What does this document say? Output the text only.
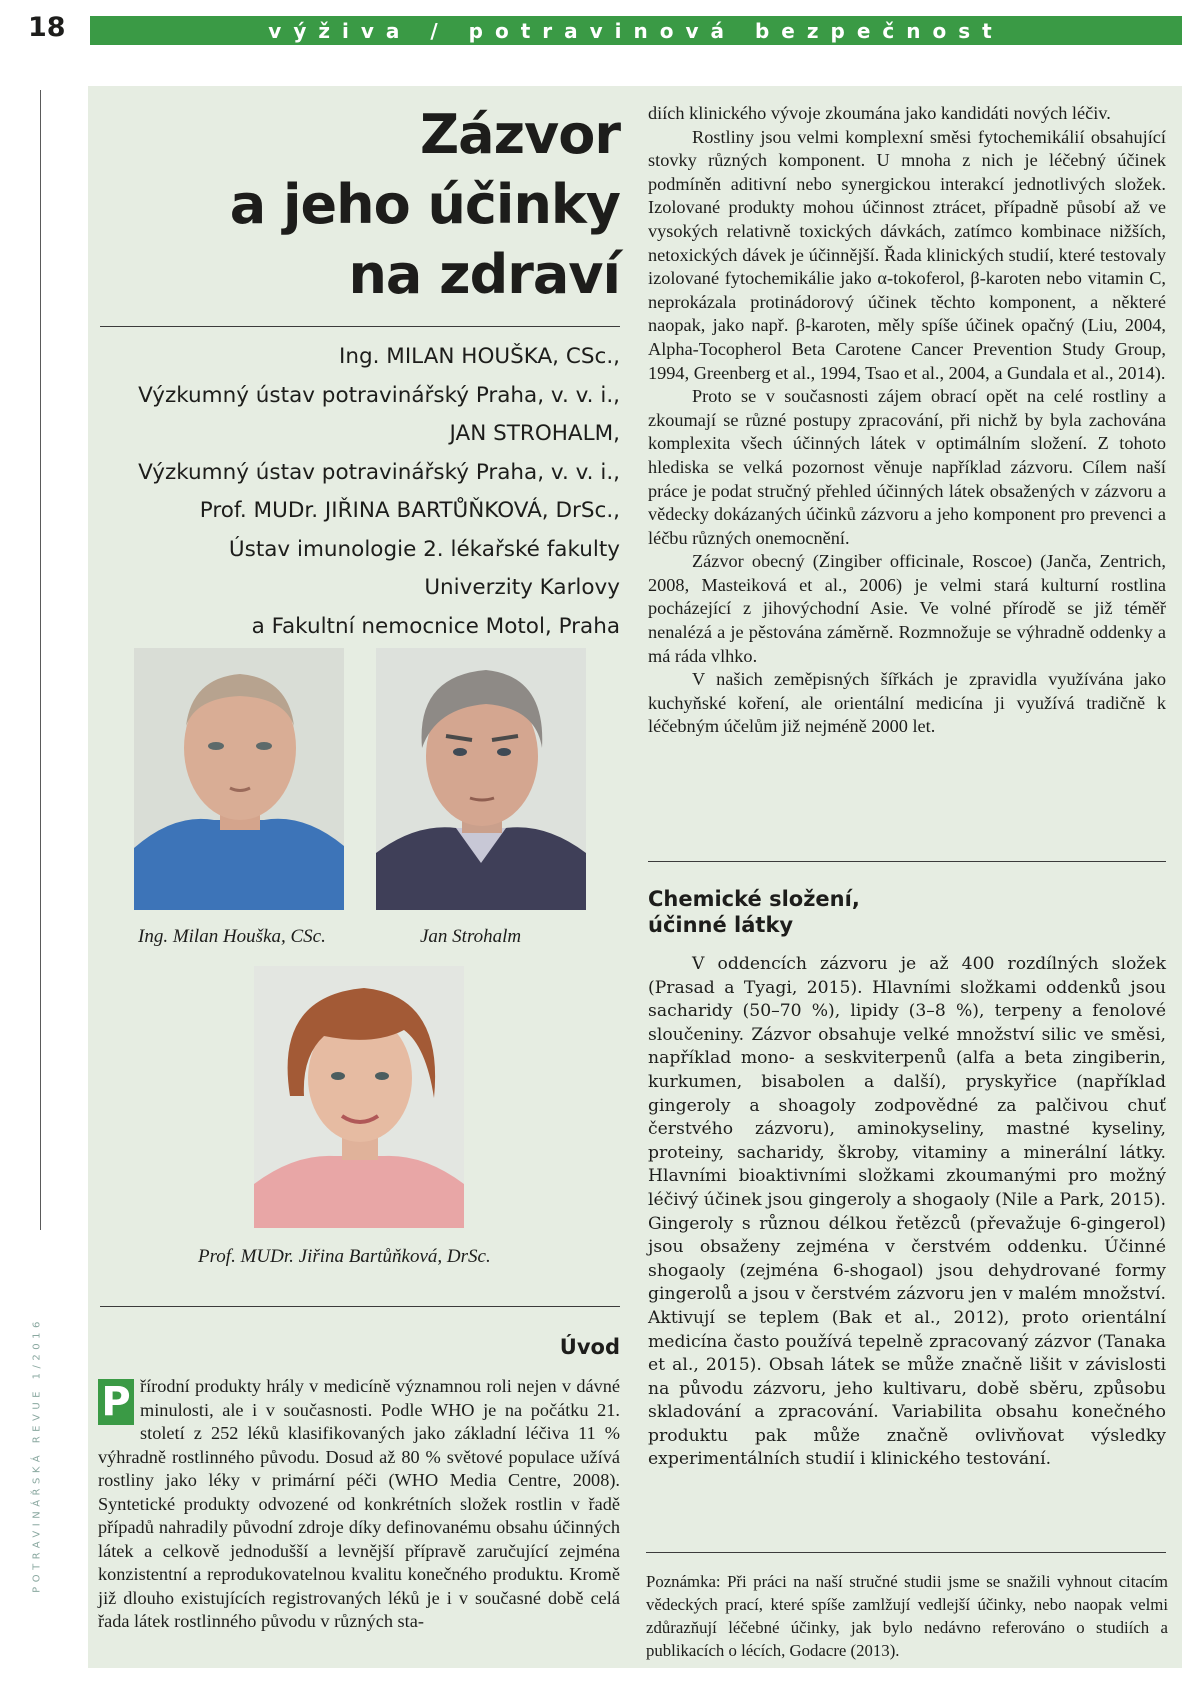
18	výživa / potravinová bezpečnost
POTRAVINÁŘSKÁ REVUE 1/2016
Zázvor
a jeho účinky
na zdraví
Ing. MILAN HOUŠKA, CSc.,
Výzkumný ústav potravinářský Praha, v. v. i.,
JAN STROHALM,
Výzkumný ústav potravinářský Praha, v. v. i.,
Prof. MUDr. JIŘINA BARTŮŇKOVÁ, DrSc.,
Ústav imunologie 2. lékařské fakulty
Univerzity Karlovy
a Fakultní nemocnice Motol, Praha
Ing. Milan Houška, CSc.	Jan Strohalm
Prof. MUDr. Jiřina Bartůňková, DrSc.
Úvod
P řírodní produkty hrály v medicíně významnou roli nejen v dávné minulosti, ale i v současnosti. Podle WHO je na počátku 21. století z 252 léků klasifikovaných jako základní léčiva 11 % výhradně rostlinného původu. Dosud až 80 % světové populace užívá rostliny jako léky v primární péči (WHO Media Centre, 2008). Syntetické produkty odvozené od konkrétních složek rostlin v řadě případů nahradily původní zdroje díky definovanému obsahu účinných látek a celkově jednodušší a levnější přípravě zaručující zejména konzistentní a reprodukovatelnou kvalitu konečného produktu. Kromě již dlouho existujících registrovaných léků je i v současné době celá řada látek rostlinného původu v různých sta-

diích klinického vývoje zkoumána jako kandidáti nových léčiv.

Rostliny jsou velmi komplexní směsi fytochemikálií obsahující stovky různých komponent. U mnoha z nich je léčebný účinek podmíněn aditivní nebo synergickou interakcí jednotlivých složek. Izolované produkty mohou účinnost ztrácet, případně působí až ve vysokých relativně toxických dávkách, zatímco kombinace nižších, netoxických dávek je účinnější. Řada klinických studií, které testovaly izolované fytochemikálie jako α-tokoferol, β-karoten nebo vitamin C, neprokázala protinádorový účinek těchto komponent, a některé naopak, jako např. β-karoten, měly spíše účinek opačný (Liu, 2004, Alpha-Tocopherol Beta Carotene Cancer Prevention Study Group, 1994, Greenberg et al., 1994, Tsao et al., 2004, a Gundala et al., 2014).

Proto se v současnosti zájem obrací opět na celé rostliny a zkoumají se různé postupy zpracování, při nichž by byla zachována komplexita všech účinných látek v optimálním složení. Z tohoto hlediska se velká pozornost věnuje například zázvoru. Cílem naší práce je podat stručný přehled účinných látek obsažených v zázvoru a vědecky dokázaných účinků zázvoru a jeho komponent pro prevenci a léčbu různých onemocnění.

Zázvor obecný (Zingiber officinale, Roscoe) (Janča, Zentrich, 2008, Masteiková et al., 2006) je velmi stará kulturní rostlina pocházející z jihovýchodní Asie. Ve volné přírodě se již téměř nenalézá a je pěstována záměrně. Rozmnožuje se výhradně oddenky a má ráda vlhko.

V našich zeměpisných šířkách je zpravidla využívána jako kuchyňské koření, ale orientální medicína ji využívá tradičně k léčebným účelům již nejméně 2000 let.

Chemické složení,
účinné látky

V oddencích zázvoru je až 400 rozdílných složek (Prasad a Tyagi, 2015). Hlavními složkami oddenků jsou sacharidy (50–70 %), lipidy (3–8 %), terpeny a fenolové sloučeniny. Zázvor obsahuje velké množství silic ve směsi, například mono- a seskviterpenů (alfa a beta zingiberin, kurkumen, bisabolen a další), pryskyřice (například gingeroly a shoagoly zodpovědné za palčivou chuť čerstvého zázvoru), aminokyseliny, mastné kyseliny, proteiny, sacharidy, škroby, vitaminy a minerální látky. Hlavními bioaktivními složkami zkoumanými pro možný léčivý účinek jsou gingeroly a shogaoly (Nile a Park, 2015). Gingeroly s různou délkou řetězců (převažuje 6-gingerol) jsou obsaženy zejména v čerstvém oddenku. Účinné shogaoly (zejména 6-shogaol) jsou dehydrované formy gingerolů a jsou v čerstvém zázvoru jen v malém množství. Aktivují se teplem (Bak et al., 2012), proto orientální medicína často používá tepelně zpracovaný zázvor (Tanaka et al., 2015). Obsah látek se může značně lišit v závislosti na původu zázvoru, jeho kultivaru, době sběru, způsobu skladování a zpracování. Variabilita obsahu konečného produktu pak může značně ovlivňovat výsledky experimentálních studií i klinického testování.

Poznámka: Při práci na naší stručné studii jsme se snažili vyhnout citacím vědeckých prací, které spíše zamlžují vedlejší účinky, nebo naopak velmi zdůrazňují léčebné účinky, jak bylo nedávno referováno o studiích a publikacích o lécích, Godacre (2013).
